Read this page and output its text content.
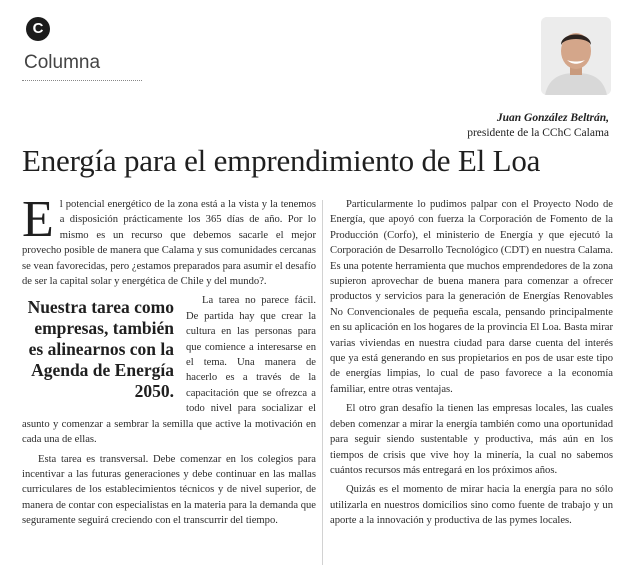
C
Columna
Juan González Beltrán,
presidente de la CChC Calama
Energía para el emprendimiento de El Loa

El potencial energético de la zona está a la vista y la tenemos a disposición prácticamente los 365 días de año. Por lo mismo es un recurso que debemos sacarle el mejor provecho posible de manera que Calama y sus comunidades cercanas se vean favorecidas, pero ¿estamos preparados para asumir el desafío de ser la capital solar y energética de Chile y del mundo?.

Nuestra tarea como empresas, también es alinearnos con la Agenda de Energía 2050.

La tarea no parece fácil. De partida hay que crear la cultura en las personas para que comience a interesarse en el tema. Una manera de hacerlo es a través de la capacitación que se ofrezca a todo nivel para socializar el asunto y comenzar a sembrar la semilla que active la motivación en cada una de ellas.

Esta tarea es transversal. Debe comenzar en los colegios para incentivar a las futuras generaciones y debe continuar en las mallas curriculares de los establecimientos técnicos y de nivel superior, de manera de contar con especialistas en la materia para la demanda que seguramente seguirá creciendo con el transcurrir del tiempo.

Particularmente lo pudimos palpar con el Proyecto Nodo de Energía, que apoyó con fuerza la Corporación de Fomento de la Producción (Corfo), el ministerio de Energía y que ejecutó la Corporación de Desarrollo Tecnológico (CDT) en nuestra Calama. Es una potente herramienta que muchos emprendedores de la zona supieron aprovechar de buena manera para comenzar a ofrecer productos y servicios para la generación de Energías Renovables No Convencionales de pequeña escala, pensando principalmente en su aplicación en los hogares de la provincia El Loa. Basta mirar varias viviendas en nuestra ciudad para darse cuenta del interés que ya está generando en sus propietarios en pos de usar este tipo de energías limpias, lo cual de paso favorece a la economía familiar, entre otras ventajas.

El otro gran desafío la tienen las empresas locales, las cuales deben comenzar a mirar la energía también como una oportunidad para seguir siendo sustentable y productiva, más aún en los tiempos de crisis que vive hoy la minería, la cual no sabemos cuántos recursos más entregará en los próximos años.

Quizás es el momento de mirar hacia la energía para no sólo utilizarla en nuestros domicilios sino como fuente de trabajo y un aporte a la innovación y productiva de las pymes locales.
